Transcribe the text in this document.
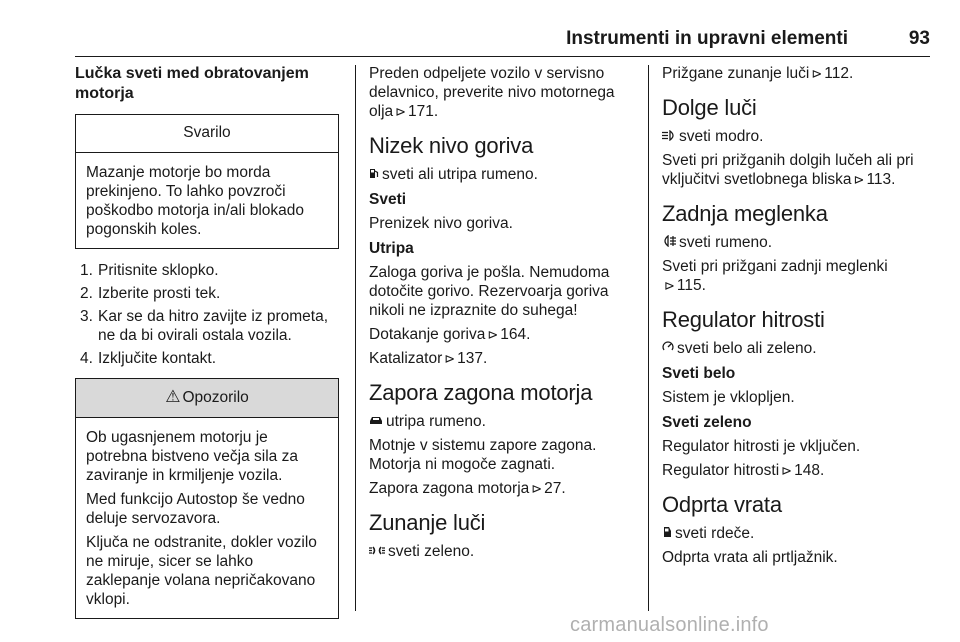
Instrumenti in upravni elementi	93
Lučka sveti med obratovanjem motorja
Svarilo

Mazanje motorje bo morda prekinjeno. To lahko povzroči poškodbo motorja in/ali blokado pogonskih koles.

1. Pritisnite sklopko.
2. Izberite prosti tek.
3. Kar se da hitro zavijte iz prometa, ne da bi ovirali ostala vozila.
4. Izključite kontakt.
⚠ Opozorilo

Ob ugasnjenem motorju je potrebna bistveno večja sila za zaviranje in krmiljenje vozila.

Med funkcijo Autostop še vedno deluje servozavora.

Ključa ne odstranite, dokler vozilo ne miruje, sicer se lahko zaklepanje volana nepričakovano vklopi.

Preden odpeljete vozilo v servisno delavnico, preverite nivo motornega olja ⊳ 171.

Nizek nivo goriva

sveti ali utripa rumeno.

Sveti

Prenizek nivo goriva.

Utripa

Zaloga goriva je pošla. Nemudoma dotočite gorivo. Rezervoarja goriva nikoli ne izpraznite do suhega!

Dotakanje goriva ⊳ 164.

Katalizator ⊳ 137.

Zapora zagona motorja

utripa rumeno.

Motnje v sistemu zapore zagona. Motorja ni mogoče zagnati.

Zapora zagona motorja ⊳ 27.

Zunanje luči

sveti zeleno.

Prižgane zunanje luči ⊳ 112.

Dolge luči

sveti modro.

Sveti pri prižganih dolgih lučeh ali pri vključitvi svetlobnega bliska ⊳ 113.

Zadnja meglenka

sveti rumeno.

Sveti pri prižgani zadnji meglenki
⊳ 115.

Regulator hitrosti

sveti belo ali zeleno.

Sveti belo

Sistem je vklopljen.

Sveti zeleno

Regulator hitrosti je vključen.

Regulator hitrosti ⊳ 148.

Odprta vrata

sveti rdeče.

Odprta vrata ali prtljažnik.

carmanualsonline.info
